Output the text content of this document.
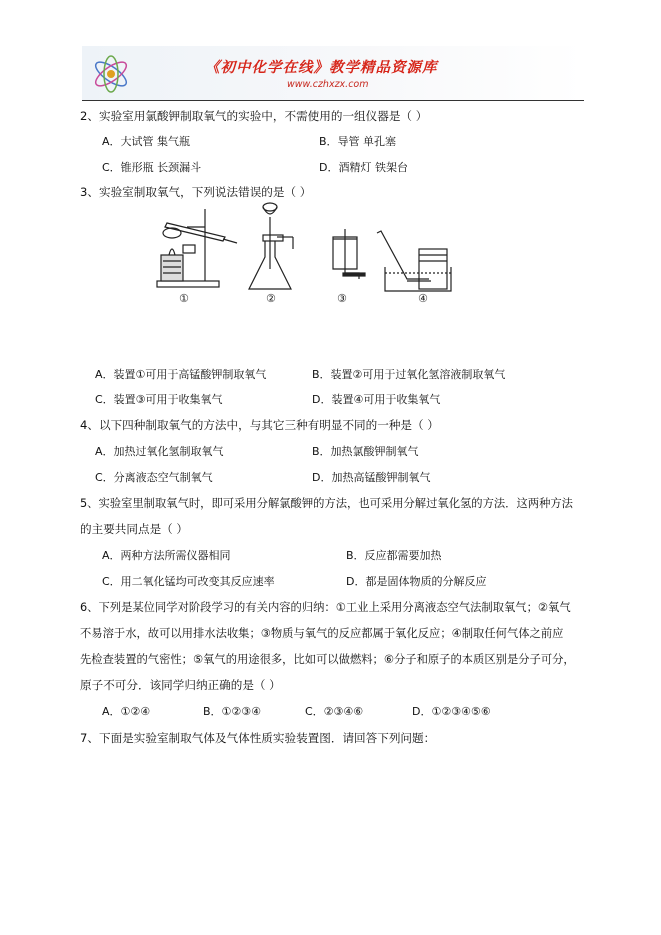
《初中化学在线》教学精品资源库
www.czhxzx.com
2、实验室用氯酸钾制取氧气的实验中，不需使用的一组仪器是（ ）
A．大试管 集气瓶	B．导管 单孔塞
C．锥形瓶 长颈漏斗	D．酒精灯 铁架台
3、实验室制取氧气，下列说法错误的是（ ）
①	②	③	④
A．装置①可用于高锰酸钾制取氧气	B．装置②可用于过氧化氢溶液制取氧气
C．装置③可用于收集氧气	D．装置④可用于收集氧气
4、以下四种制取氧气的方法中，与其它三种有明显不同的一种是（ ）
A．加热过氧化氢制取氧气	B．加热氯酸钾制氧气
C．分离液态空气制氧气	D．加热高锰酸钾制氧气
5、实验室里制取氧气时，即可采用分解氯酸钾的方法，也可采用分解过氧化氢的方法．这两种方法
的主要共同点是（ ）
A．两种方法所需仪器相同	B．反应都需要加热
C．用二氧化锰均可改变其反应速率	D．都是固体物质的分解反应
6、下列是某位同学对阶段学习的有关内容的归纳：①工业上采用分离液态空气法制取氧气；②氧气
不易溶于水，故可以用排水法收集；③物质与氧气的反应都属于氧化反应；④制取任何气体之前应
先检查装置的气密性；⑤氧气的用途很多，比如可以做燃料；⑥分子和原子的本质区别是分子可分，
原子不可分．该同学归纳正确的是（ ）
A．①②④	B．①②③④	C．②③④⑥	D．①②③④⑤⑥
7、下面是实验室制取气体及气体性质实验装置图．请回答下列问题：
